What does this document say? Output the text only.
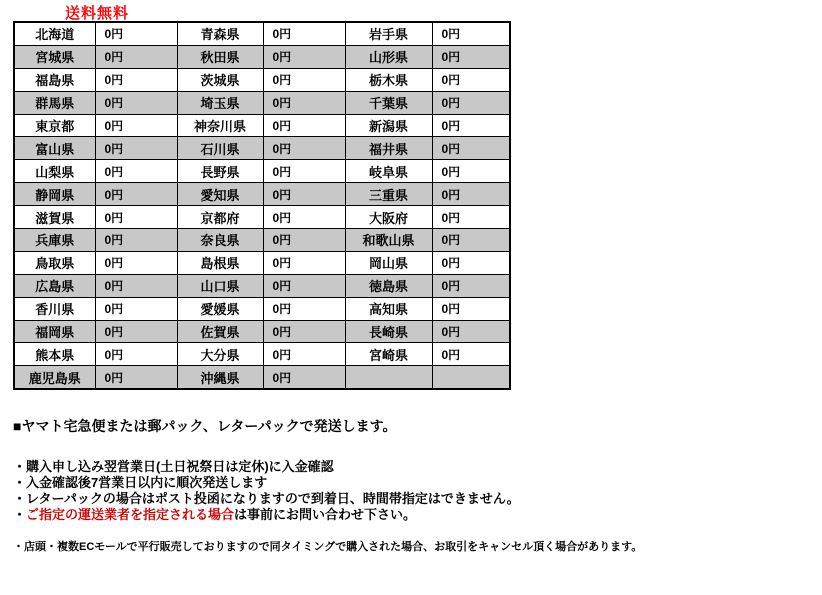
送料無料
北海道	0円	青森県	0円	岩手県	0円
宮城県	0円	秋田県	0円	山形県	0円
福島県	0円	茨城県	0円	栃木県	0円
群馬県	0円	埼玉県	0円	千葉県	0円
東京都	0円	神奈川県	0円	新潟県	0円
富山県	0円	石川県	0円	福井県	0円
山梨県	0円	長野県	0円	岐阜県	0円
静岡県	0円	愛知県	0円	三重県	0円
滋賀県	0円	京都府	0円	大阪府	0円
兵庫県	0円	奈良県	0円	和歌山県	0円
鳥取県	0円	島根県	0円	岡山県	0円
広島県	0円	山口県	0円	徳島県	0円
香川県	0円	愛媛県	0円	高知県	0円
福岡県	0円	佐賀県	0円	長崎県	0円
熊本県	0円	大分県	0円	宮崎県	0円
鹿児島県	0円	沖縄県	0円		
■ヤマト宅急便または郵パック、レターパックで発送します。
・購入申し込み翌営業日(土日祝祭日は定休)に入金確認
・入金確認後7営業日以内に順次発送します
・レターパックの場合はポスト投函になりますので到着日、時間帯指定はできません。
・ご指定の運送業者を指定される場合は事前にお問い合わせ下さい。
・店頭・複数ECモールで平行販売しておりますので同タイミングで購入された場合、お取引をキャンセル頂く場合があります。
